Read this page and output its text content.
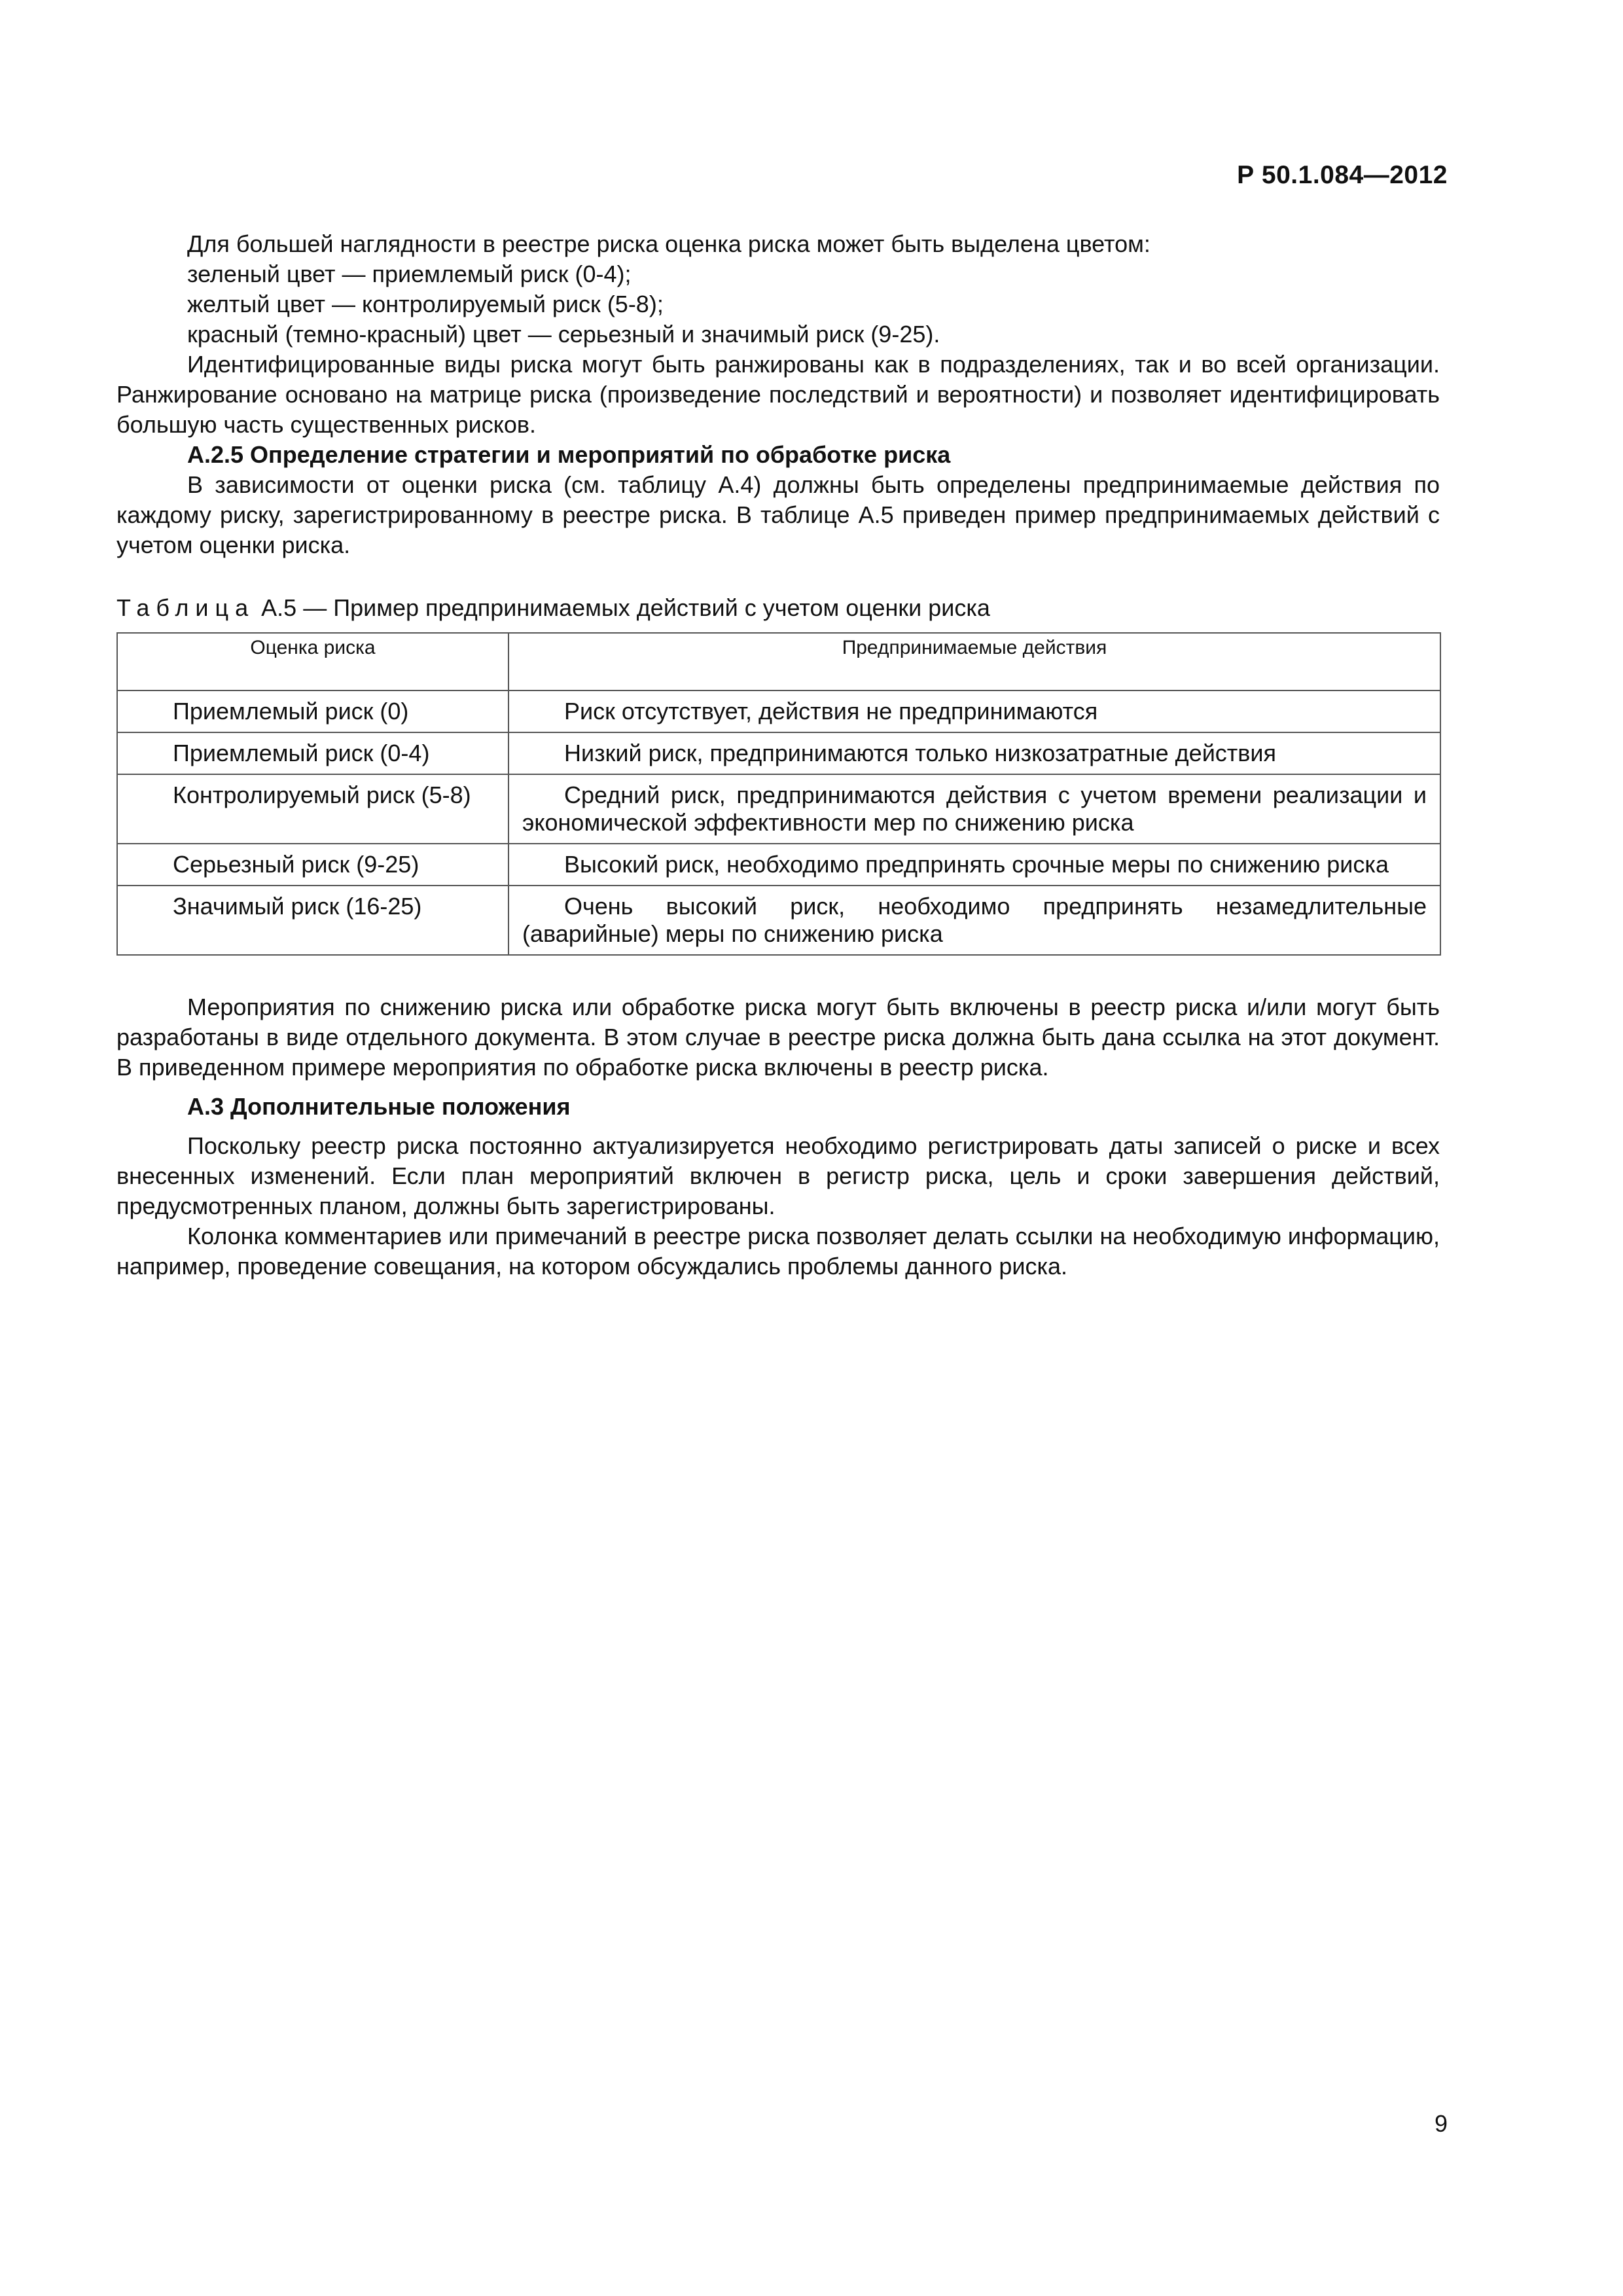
Р 50.1.084—2012

Для большей наглядности в реестре риска оценка риска может быть выделена цветом:

зеленый цвет — приемлемый риск (0-4);

желтый цвет — контролируемый риск (5-8);

красный (темно-красный) цвет — серьезный и значимый риск (9-25).

Идентифицированные виды риска могут быть ранжированы как в подразделениях, так и во всей организации. Ранжирование основано на матрице риска (произведение последствий и вероятности) и позволяет идентифицировать большую часть существенных рисков.

А.2.5 Определение стратегии и мероприятий по обработке риска

В зависимости от оценки риска (см. таблицу А.4) должны быть определены предпринимаемые действия по каждому риску, зарегистрированному в реестре риска. В таблице А.5 приведен пример предпринимаемых действий с учетом оценки риска.

Таблица А.5 — Пример предпринимаемых действий с учетом оценки риска
Оценка риска	Предпринимаемые действия
Приемлемый риск (0)	Риск отсутствует, действия не предпринимаются
Приемлемый риск (0-4)	Низкий риск, предпринимаются только низкозатратные действия
Контролируемый риск (5-8)	Средний риск, предпринимаются действия с учетом времени реализации и экономической эффективности мер по снижению риска
Серьезный риск (9-25)	Высокий риск, необходимо предпринять срочные меры по снижению риска
Значимый риск (16-25)	Очень высокий риск, необходимо предпринять незамедлительные (аварийные) меры по снижению риска

Мероприятия по снижению риска или обработке риска могут быть включены в реестр риска и/или могут быть разработаны в виде отдельного документа. В этом случае в реестре риска должна быть дана ссылка на этот документ. В приведенном примере мероприятия по обработке риска включены в реестр риска.

А.3 Дополнительные положения

Поскольку реестр риска постоянно актуализируется необходимо регистрировать даты записей о риске и всех внесенных изменений. Если план мероприятий включен в регистр риска, цель и сроки завершения действий, предусмотренных планом, должны быть зарегистрированы.

Колонка комментариев или примечаний в реестре риска позволяет делать ссылки на необходимую информацию, например, проведение совещания, на котором обсуждались проблемы данного риска.

9
